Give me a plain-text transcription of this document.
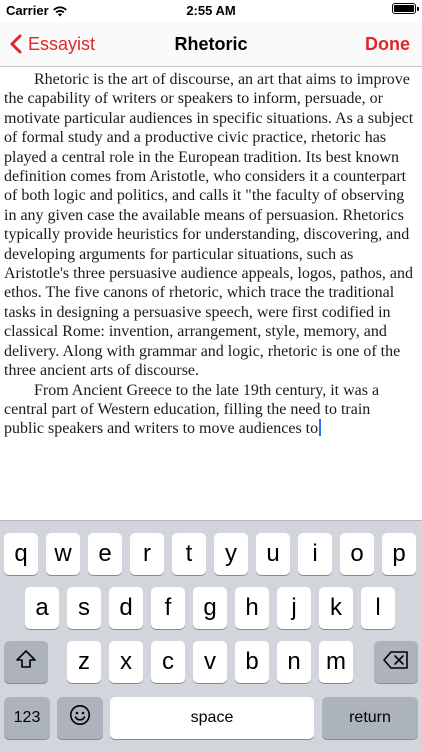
Carrier	2:55 AM
Essayist	Rhetoric	Done

Rhetoric is the art of discourse, an art that aims to improve the capability of writers or speakers to inform, persuade, or motivate particular audiences in specific situations. As a subject of formal study and a productive civic practice, rhetoric has played a central role in the European tradition. Its best known definition comes from Aristotle, who considers it a counterpart of both logic and politics, and calls it "the faculty of observing in any given case the available means of persuasion. Rhetorics typically provide heuristics for understanding, discovering, and developing arguments for particular situations, such as Aristotle's three persuasive audience appeals, logos, pathos, and ethos. The five canons of rhetoric, which trace the traditional tasks in designing a persuasive speech, were first codified in classical Rome: invention, arrangement, style, memory, and delivery. Along with grammar and logic, rhetoric is one of the three ancient arts of discourse.

From Ancient Greece to the late 19th century, it was a central part of Western education, filling the need to train public speakers and writers to move audiences to

q	w	e	r	t	y	u	i	o	p
a	s	d	f	g	h	j	k	l
z	x	c	v	b	n	m
123	space	return
